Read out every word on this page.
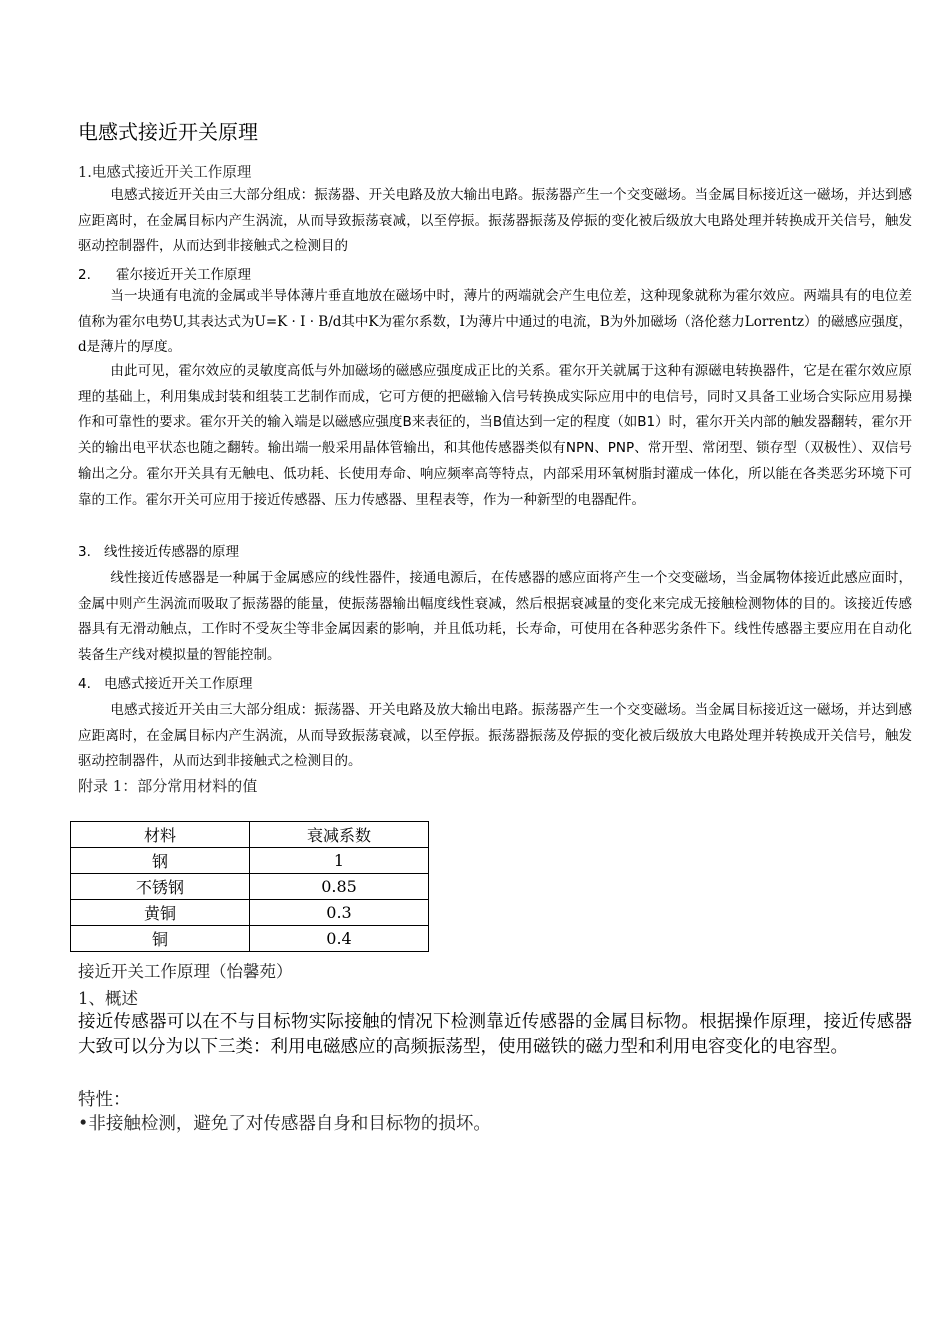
电感式接近开关原理
1.电感式接近开关工作原理
电感式接近开关由三大部分组成：振荡器、开关电路及放大输出电路。振荡器产生一个交变磁场。当金属目标接近这一磁场，并达到感应距离时，在金属目标内产生涡流，从而导致振荡衰减，以至停振。振荡器振荡及停振的变化被后级放大电路处理并转换成开关信号，触发驱动控制器件，从而达到非接触式之检测目的
2. 霍尔接近开关工作原理
当一块通有电流的金属或半导体薄片垂直地放在磁场中时，薄片的两端就会产生电位差，这种现象就称为霍尔效应。两端具有的电位差值称为霍尔电势U,其表达式为U=K · I · B/d其中K为霍尔系数，I为薄片中通过的电流，B为外加磁场（洛伦慈力Lorrentz）的磁感应强度，d是薄片的厚度。
由此可见，霍尔效应的灵敏度高低与外加磁场的磁感应强度成正比的关系。霍尔开关就属于这种有源磁电转换器件，它是在霍尔效应原理的基础上，利用集成封装和组装工艺制作而成，它可方便的把磁输入信号转换成实际应用中的电信号，同时又具备工业场合实际应用易操作和可靠性的要求。霍尔开关的输入端是以磁感应强度B来表征的，当B值达到一定的程度（如B1）时，霍尔开关内部的触发器翻转，霍尔开关的输出电平状态也随之翻转。输出端一般采用晶体管输出，和其他传感器类似有NPN、PNP、常开型、常闭型、锁存型（双极性）、双信号输出之分。霍尔开关具有无触电、低功耗、长使用寿命、响应频率高等特点，内部采用环氧树脂封灌成一体化，所以能在各类恶劣环境下可靠的工作。霍尔开关可应用于接近传感器、压力传感器、里程表等，作为一种新型的电器配件。
3. 线性接近传感器的原理
线性接近传感器是一种属于金属感应的线性器件，接通电源后，在传感器的感应面将产生一个交变磁场，当金属物体接近此感应面时，金属中则产生涡流而吸取了振荡器的能量，使振荡器输出幅度线性衰减，然后根据衰减量的变化来完成无接触检测物体的目的。该接近传感器具有无滑动触点，工作时不受灰尘等非金属因素的影响，并且低功耗，长寿命，可使用在各种恶劣条件下。线性传感器主要应用在自动化装备生产线对模拟量的智能控制。
4. 电感式接近开关工作原理
电感式接近开关由三大部分组成：振荡器、开关电路及放大输出电路。振荡器产生一个交变磁场。当金属目标接近这一磁场，并达到感应距离时，在金属目标内产生涡流，从而导致振荡衰减，以至停振。振荡器振荡及停振的变化被后级放大电路处理并转换成开关信号，触发驱动控制器件，从而达到非接触式之检测目的。
附录 1：部分常用材料的值
材料	衰减系数
钢	1
不锈钢	0.85
黄铜	0.3
铜	0.4
接近开关工作原理（怡馨苑）
1、概述
接近传感器可以在不与目标物实际接触的情况下检测靠近传感器的金属目标物。根据操作原理，接近传感器大致可以分为以下三类：利用电磁感应的高频振荡型，使用磁铁的磁力型和利用电容变化的电容型。
特性：
•非接触检测，避免了对传感器自身和目标物的损坏。
